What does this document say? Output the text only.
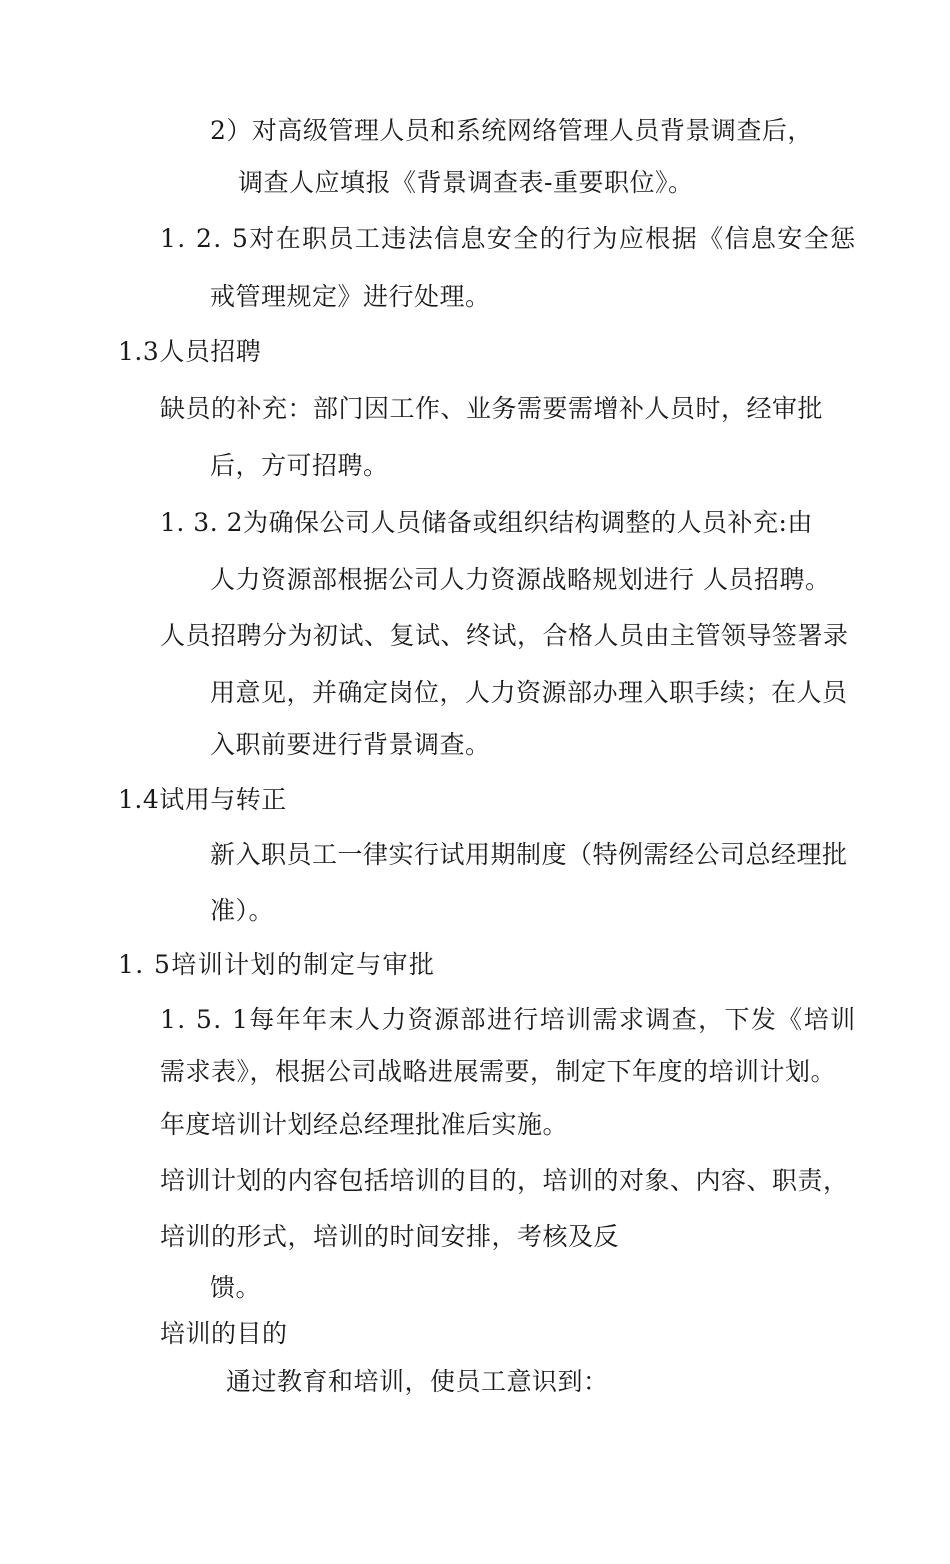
2）对高级管理人员和系统网络管理人员背景调查后，
调查人应填报《背景调查表-重要职位》。
1. 2. 5对在职员工违法信息安全的行为应根据《信息安全惩
戒管理规定》进行处理。
1.3人员招聘
缺员的补充：部门因工作、业务需要需增补人员时，经审批
后，方可招聘。
1. 3. 2为确保公司人员储备或组织结构调整的人员补充:由
人力资源部根据公司人力资源战略规划进行 人员招聘。
人员招聘分为初试、复试、终试，合格人员由主管领导签署录
用意见，并确定岗位，人力资源部办理入职手续；在人员
入职前要进行背景调查。
1.4试用与转正
新入职员工一律实行试用期制度（特例需经公司总经理批
准）。
1. 5培训计划的制定与审批
1. 5. 1每年年末人力资源部进行培训需求调查，下发《培训
需求表》，根据公司战略进展需要，制定下年度的培训计划。
年度培训计划经总经理批准后实施。
培训计划的内容包括培训的目的，培训的对象、内容、职责，
培训的形式，培训的时间安排，考核及反
馈。
培训的目的
通过教育和培训，使员工意识到：
